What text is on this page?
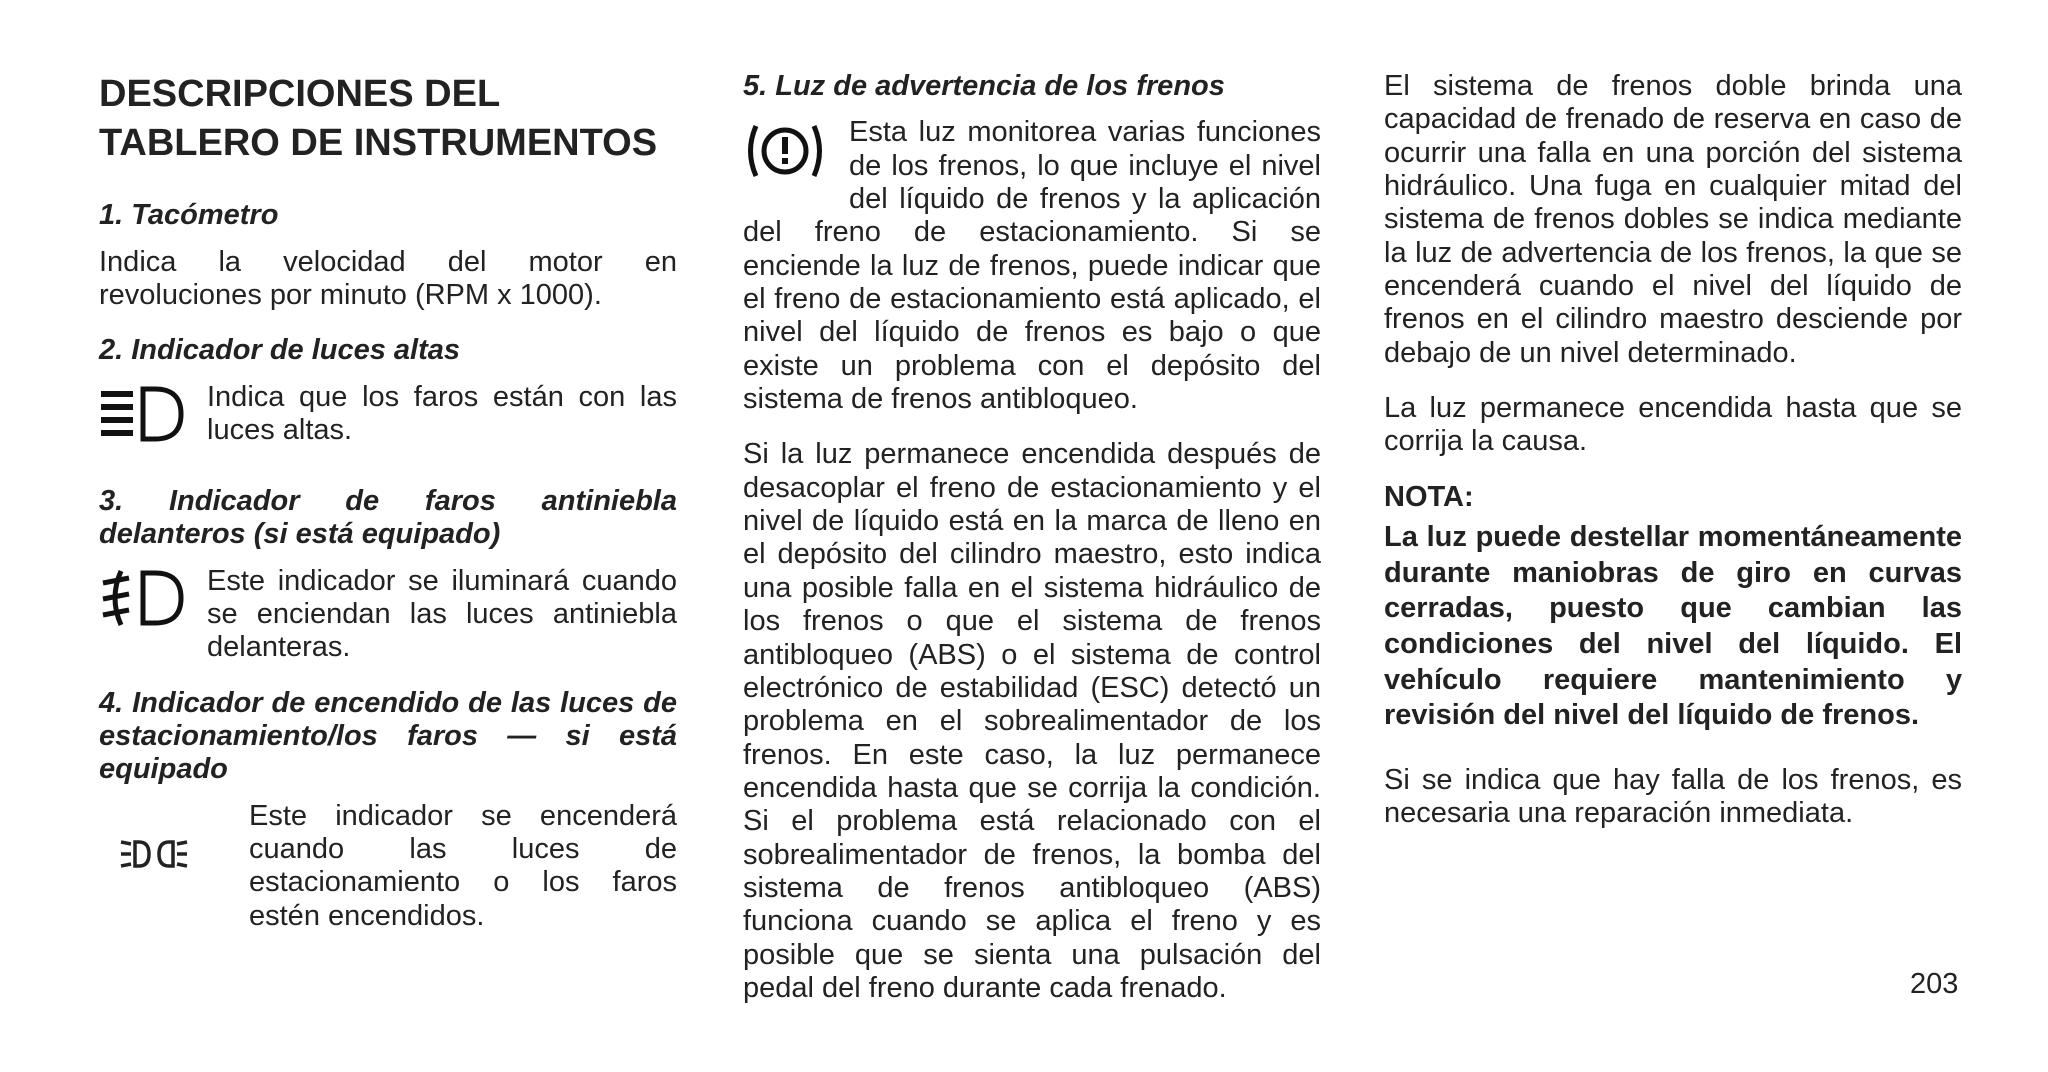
DESCRIPCIONES DEL TABLERO DE INSTRUMENTOS
1. Tacómetro

Indica la velocidad del motor en revoluciones por minuto (RPM x 1000).

2. Indicador de luces altas

Indica que los faros están con las luces altas.

3. Indicador de faros antiniebla delanteros (si está equipado)

Este indicador se iluminará cuando se enciendan las luces antiniebla delanteras.

4. Indicador de encendido de las luces de estacionamiento/los faros — si está equipado

Este indicador se encenderá cuando las luces de estacionamiento o los faros estén encendidos.

5. Luz de advertencia de los frenos

Esta luz monitorea varias funciones de los frenos, lo que incluye el nivel del líquido de frenos y la aplicación del freno de estacionamiento. Si se enciende la luz de frenos, puede indicar que el freno de estacionamiento está aplicado, el nivel del líquido de frenos es bajo o que existe un problema con el depósito del sistema de frenos antibloqueo.

Si la luz permanece encendida después de desacoplar el freno de estacionamiento y el nivel de líquido está en la marca de lleno en el depósito del cilindro maestro, esto indica una posible falla en el sistema hidráulico de los frenos o que el sistema de frenos antibloqueo (ABS) o el sistema de control electrónico de estabilidad (ESC) detectó un problema en el sobrealimentador de los frenos. En este caso, la luz permanece encendida hasta que se corrija la condición. Si el problema está relacionado con el sobrealimentador de frenos, la bomba del sistema de frenos antibloqueo (ABS) funciona cuando se aplica el freno y es posible que se sienta una pulsación del pedal del freno durante cada frenado.

El sistema de frenos doble brinda una capacidad de frenado de reserva en caso de ocurrir una falla en una porción del sistema hidráulico. Una fuga en cualquier mitad del sistema de frenos dobles se indica mediante la luz de advertencia de los frenos, la que se encenderá cuando el nivel del líquido de frenos en el cilindro maestro desciende por debajo de un nivel determinado.

La luz permanece encendida hasta que se corrija la causa.

NOTA:

La luz puede destellar momentáneamente durante maniobras de giro en curvas cerradas, puesto que cambian las condiciones del nivel del líquido. El vehículo requiere mantenimiento y revisión del nivel del líquido de frenos.

Si se indica que hay falla de los frenos, es necesaria una reparación inmediata.

203
